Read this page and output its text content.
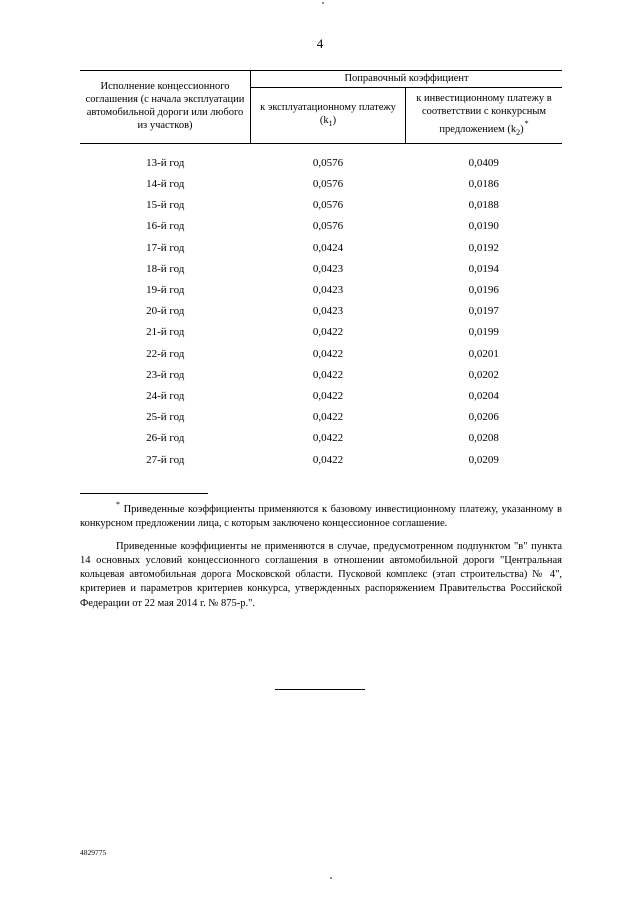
4
Исполнение концессионного соглашения (с начала эксплуатации автомобильной дороги или любого из участков)	Поправочный коэффициент	
	к эксплуатационному платежу $(k_1)$	к инвестиционному платежу в соответствии с конкурсным предложением $(k_2)^*$

13-й год	0,0576	0,0409
14-й год	0,0576	0,0186
15-й год	0,0576	0,0188
16-й год	0,0576	0,0190
17-й год	0,0424	0,0192
18-й год	0,0423	0,0194
19-й год	0,0423	0,0196
20-й год	0,0423	0,0197
21-й год	0,0422	0,0199
22-й год	0,0422	0,0201
23-й год	0,0422	0,0202
24-й год	0,0422	0,0204
25-й год	0,0422	0,0206
26-й год	0,0422	0,0208
27-й год	0,0422	0,0209

* Приведенные коэффициенты применяются к базовому инвестиционному платежу, указанному в конкурсном предложении лица, с которым заключено концессионное соглашение.

Приведенные коэффициенты не применяются в случае, предусмотренном подпунктом "в" пункта 14 основных условий концессионного соглашения в отношении автомобильной дороги "Центральная кольцевая автомобильная дорога Московской области. Пусковой комплекс (этап строительства) № 4", критериев и параметров критериев конкурса, утвержденных распоряжением Правительства Российской Федерации от 22 мая 2014 г. № 875-р.".

4829775
